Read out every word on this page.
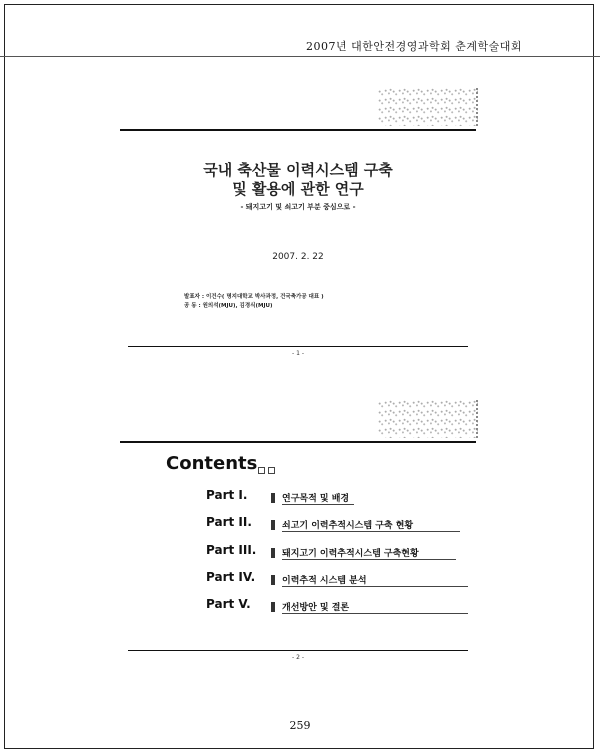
2007년 대한안전경영과학회 춘계학술대회
국내 축산물 이력시스템 구축
및 활용에 관한 연구
- 돼지고기 및 쇠고기 부분 중심으로 -
2007. 2. 22
발표자 : 이건수( 명지대학교 박사과정, 건국축가공 대표 )
공 동 : 원의석(MJU), 김경식(MJU)
- 1 -
Contents
Part I.	연구목적 및 배경
Part II.	쇠고기 이력추적시스템 구축 현황
Part III.	돼지고기 이력추적시스템 구축현황
Part IV.	이력추적 시스템 분석
Part V.	개선방안 및 결론
- 2 -
259
